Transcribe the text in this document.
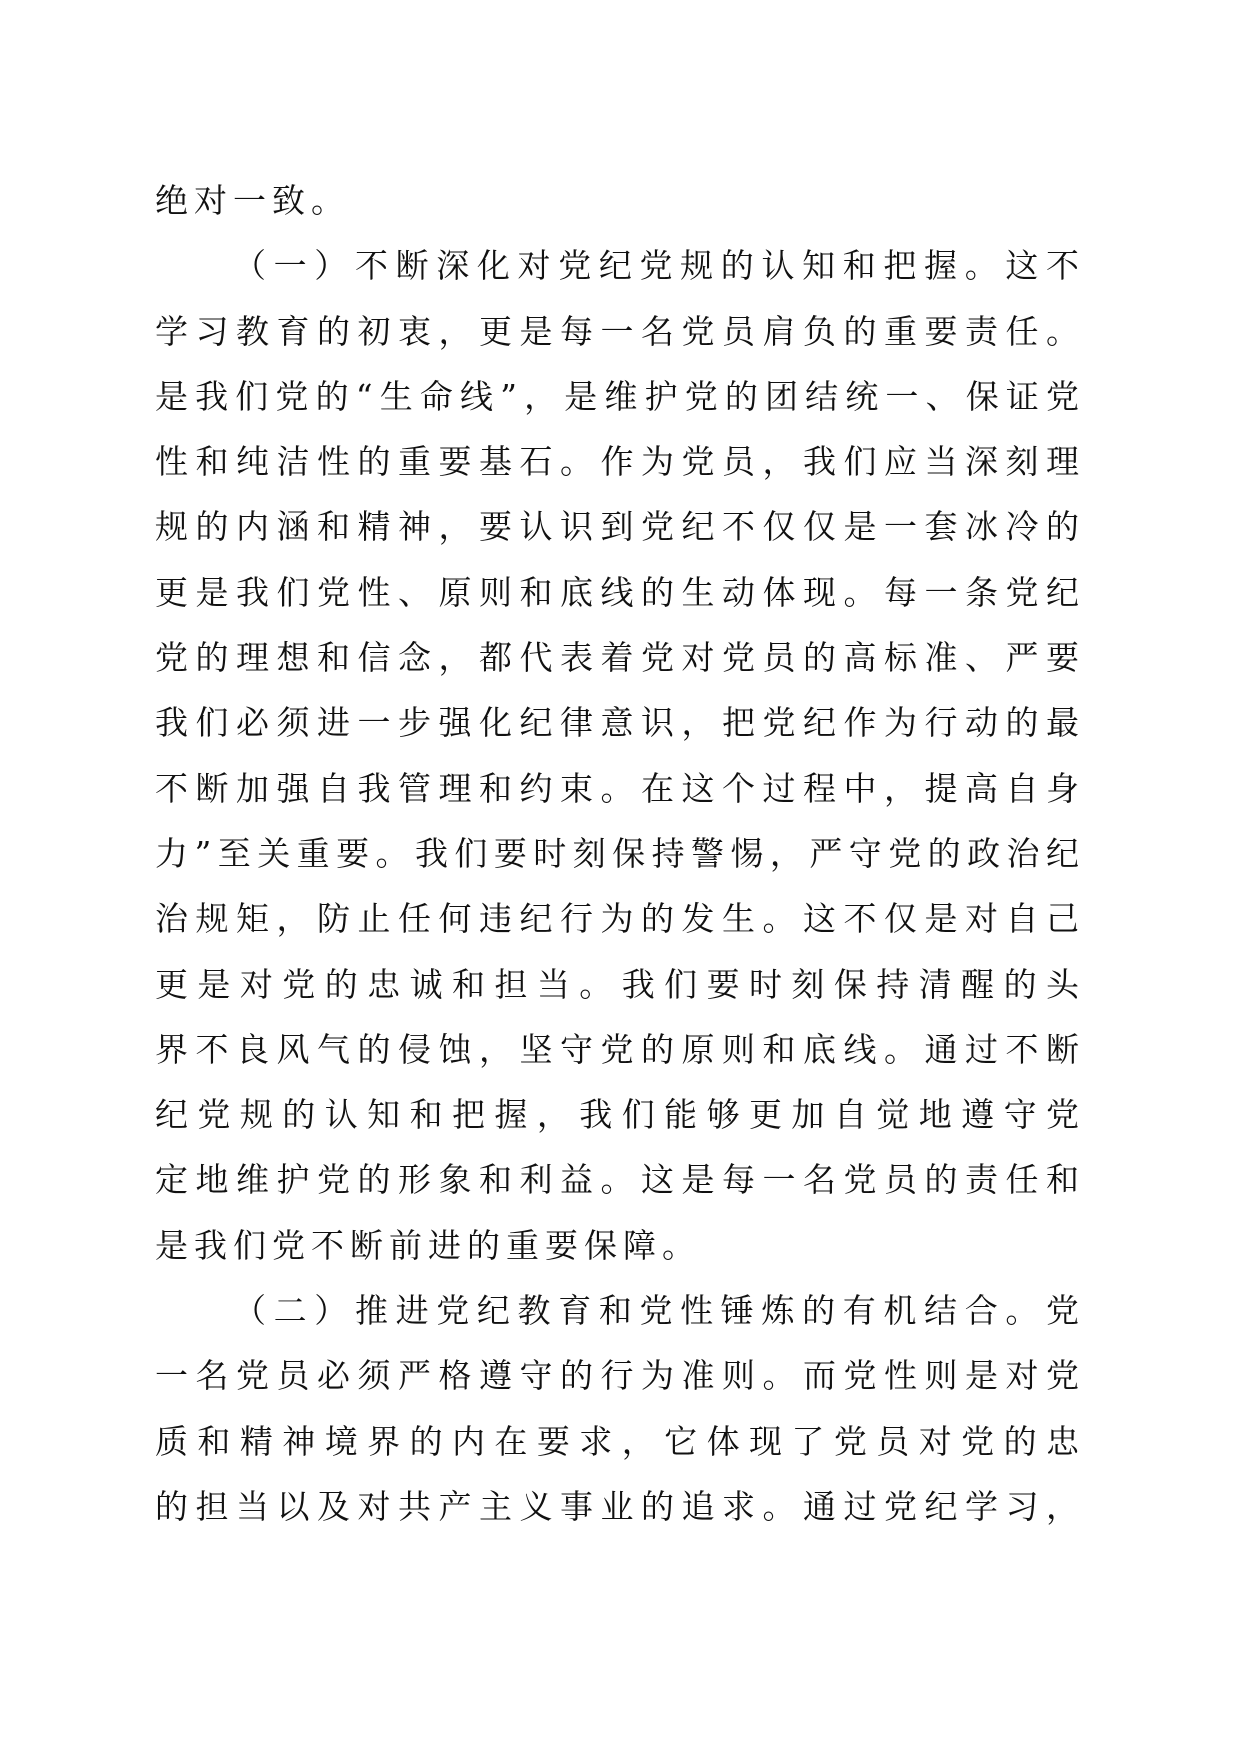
绝对一致。
（一）不断深化对党纪党规的认知和把握。这不
学习教育的初衷，更是每一名党员肩负的重要责任。
是我们党的“生命线”，是维护党的团结统一、保证党
性和纯洁性的重要基石。作为党员，我们应当深刻理
规的内涵和精神，要认识到党纪不仅仅是一套冰冷的
更是我们党性、原则和底线的生动体现。每一条党纪
党的理想和信念，都代表着党对党员的高标准、严要
我们必须进一步强化纪律意识，把党纪作为行动的最
不断加强自我管理和约束。在这个过程中，提高自身
力”至关重要。我们要时刻保持警惕，严守党的政治纪
治规矩，防止任何违纪行为的发生。这不仅是对自己
更是对党的忠诚和担当。我们要时刻保持清醒的头
界不良风气的侵蚀，坚守党的原则和底线。通过不断
纪党规的认知和把握，我们能够更加自觉地遵守党
定地维护党的形象和利益。这是每一名党员的责任和
是我们党不断前进的重要保障。
（二）推进党纪教育和党性锤炼的有机结合。党
一名党员必须严格遵守的行为准则。而党性则是对党
质和精神境界的内在要求，它体现了党员对党的忠
的担当以及对共产主义事业的追求。通过党纪学习，
